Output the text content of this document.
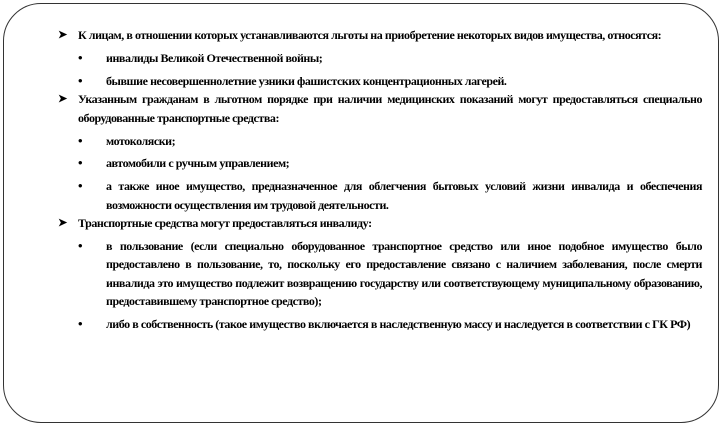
➤ К лицам, в отношении которых устанавливаются льготы на приобретение некоторых видов имущества, относятся:
• инвалиды Великой Отечественной войны;
• бывшие несовершеннолетние узники фашистских концентрационных лагерей.
➤ Указанным гражданам в льготном порядке при наличии медицинских показаний могут предоставляться специально оборудованные транспортные средства:
• мотоколяски;
• автомобили с ручным управлением;
• а также иное имущество, предназначенное для облегчения бытовых условий жизни инвалида и обеспечения возможности осуществления им трудовой деятельности.
➤ Транспортные средства могут предоставляться инвалиду:
• в пользование (если специально оборудованное транспортное средство или иное подобное имущество было предоставлено в пользование, то, поскольку его предоставление связано с наличием заболевания, после смерти инвалида это имущество подлежит возвращению государству или соответствующему муниципальному образованию, предоставившему транспортное средство);
• либо в собственность (такое имущество включается в наследственную массу и наследуется в соответствии с ГК РФ)
